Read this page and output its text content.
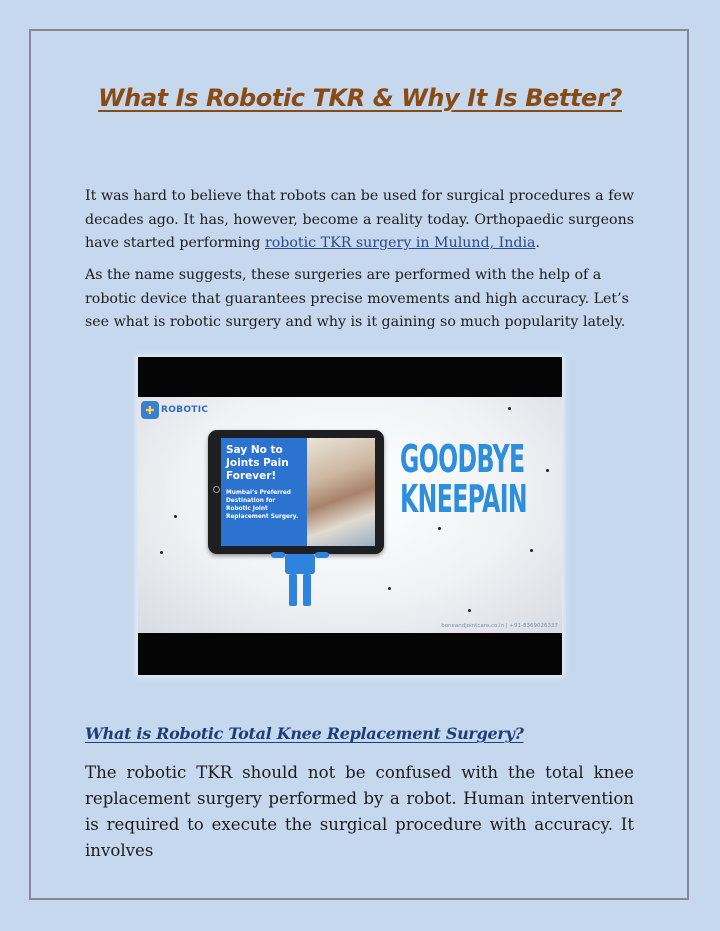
What Is Robotic TKR & Why It Is Better?

It was hard to believe that robots can be used for surgical procedures a few decades ago. It has, however, become a reality today. Orthopaedic surgeons have started performing robotic TKR surgery in Mulund, India.

As the name suggests, these surgeries are performed with the help of a robotic device that guarantees precise movements and high accuracy. Let’s see what is robotic surgery and why is it gaining so much popularity lately.

✚ ROBOTIC
Say No to Joints Pain Forever!
Mumbai’s Preferred Destination for Robotic Joint Replacement Surgery.
GOODBYE
KNEEPAIN
boneandjointcare.co.in | +91-8369026337
What is Robotic Total Knee Replacement Surgery?

The robotic TKR should not be confused with the total knee replacement surgery performed by a robot. Human intervention is required to execute the surgical procedure with accuracy. It involves
